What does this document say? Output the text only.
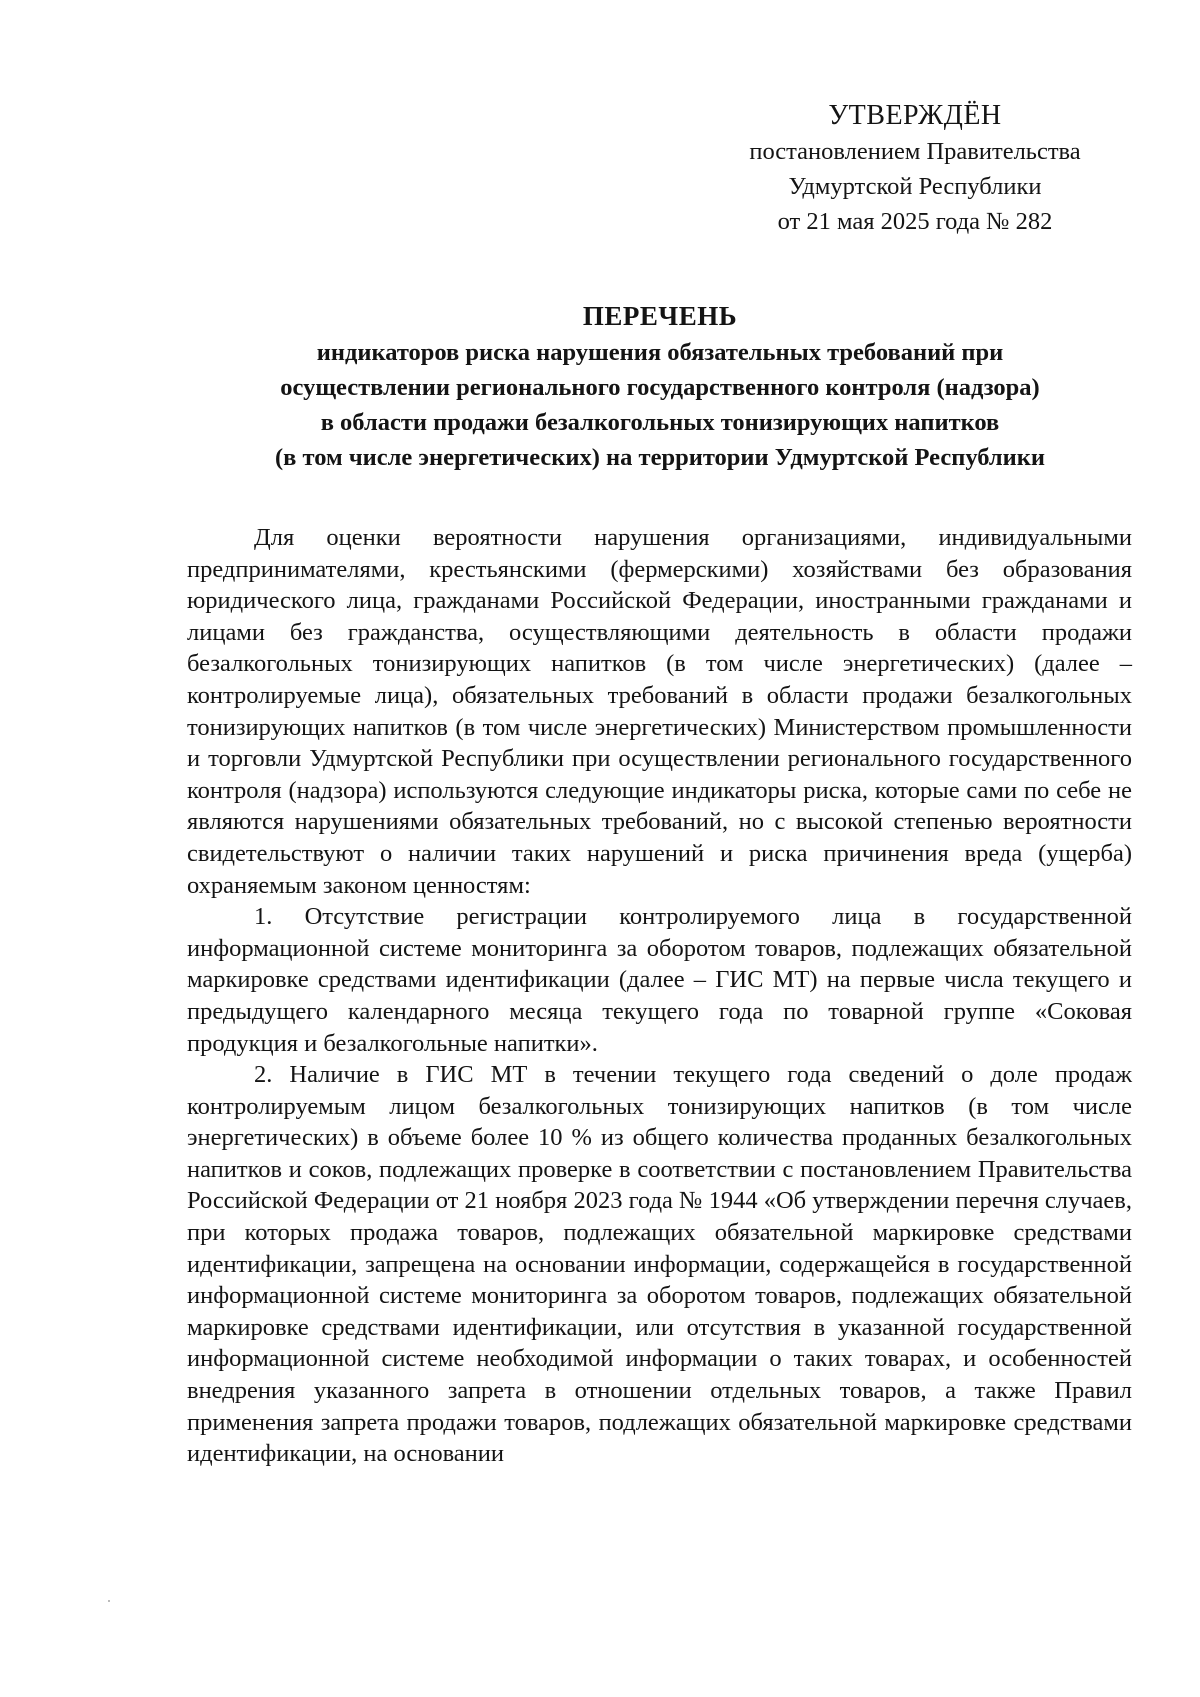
УТВЕРЖДЁН
постановлением Правительства
Удмуртской Республики
от 21 мая 2025 года № 282
ПЕРЕЧЕНЬ
индикаторов риска нарушения обязательных требований при
осуществлении регионального государственного контроля (надзора)
в области продажи безалкогольных тонизирующих напитков
(в том числе энергетических) на территории Удмуртской Республики

Для оценки вероятности нарушения организациями, индивидуальными предпринимателями, крестьянскими (фермерскими) хозяйствами без образования юридического лица, гражданами Российской Федерации, иностранными гражданами и лицами без гражданства, осуществляющими деятельность в области продажи безалкогольных тонизирующих напитков (в том числе энергетических) (далее – контролируемые лица), обязательных требований в области продажи безалкогольных тонизирующих напитков (в том числе энергетических) Министерством промышленности и торговли Удмуртской Республики при осуществлении регионального государственного контроля (надзора) используются следующие индикаторы риска, которые сами по себе не являются нарушениями обязательных требований, но с высокой степенью вероятности свидетельствуют о наличии таких нарушений и риска причинения вреда (ущерба) охраняемым законом ценностям:

1. Отсутствие регистрации контролируемого лица в государственной информационной системе мониторинга за оборотом товаров, подлежащих обязательной маркировке средствами идентификации (далее – ГИС МТ) на первые числа текущего и предыдущего календарного месяца текущего года по товарной группе «Соковая продукция и безалкогольные напитки».

2. Наличие в ГИС МТ в течении текущего года сведений о доле продаж контролируемым лицом безалкогольных тонизирующих напитков (в том числе энергетических) в объеме более 10 % из общего количества проданных безалкогольных напитков и соков, подлежащих проверке в соответствии с постановлением Правительства Российской Федерации от 21 ноября 2023 года № 1944 «Об утверждении перечня случаев, при которых продажа товаров, подлежащих обязательной маркировке средствами идентификации, запрещена на основании информации, содержащейся в государственной информационной системе мониторинга за оборотом товаров, подлежащих обязательной маркировке средствами идентификации, или отсутствия в указанной государственной информационной системе необходимой информации о таких товарах, и особенностей внедрения указанного запрета в отношении отдельных товаров, а также Правил применения запрета продажи товаров, подлежащих обязательной маркировке средствами идентификации, на основании
